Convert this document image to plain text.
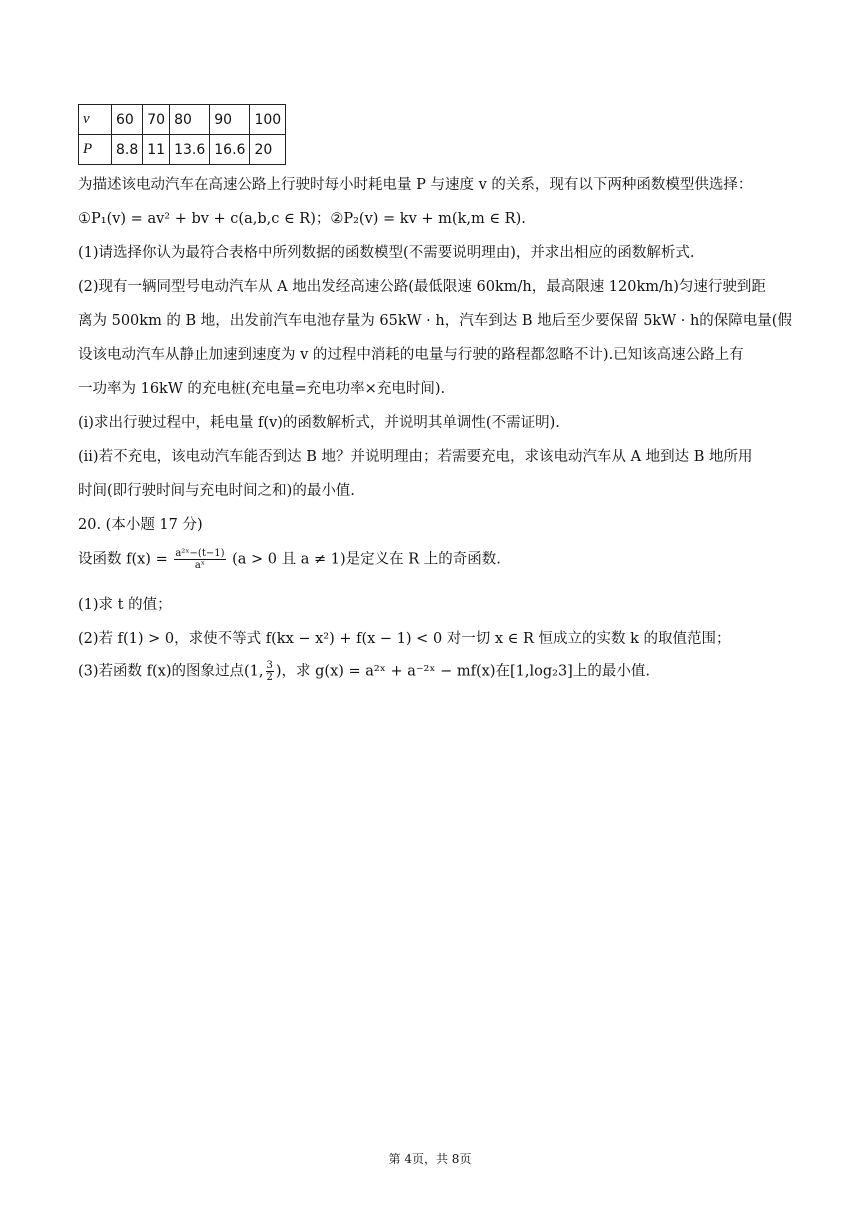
v	60	70	80	90	100
P	8.8	11	13.6	16.6	20
为描述该电动汽车在高速公路上行驶时每小时耗电量 P 与速度 v 的关系，现有以下两种函数模型供选择：
①P₁(v) = av² + bv + c(a,b,c ∈ R)；②P₂(v) = kv + m(k,m ∈ R).
(1)请选择你认为最符合表格中所列数据的函数模型(不需要说明理由)，并求出相应的函数解析式.
(2)现有一辆同型号电动汽车从 A 地出发经高速公路(最低限速 60km/h，最高限速 120km/h)匀速行驶到距
离为 500km 的 B 地，出发前汽车电池存量为 65kW · h，汽车到达 B 地后至少要保留 5kW · h的保障电量(假
设该电动汽车从静止加速到速度为 v 的过程中消耗的电量与行驶的路程都忽略不计).已知该高速公路上有
一功率为 16kW 的充电桩(充电量=充电功率×充电时间).
(i)求出行驶过程中，耗电量 f(v)的函数解析式，并说明其单调性(不需证明).
(ii)若不充电，该电动汽车能否到达 B 地？并说明理由；若需要充电，求该电动汽车从 A 地到达 B 地所用
时间(即行驶时间与充电时间之和)的最小值.
20. (本小题 17 分)
设函数 $f(x) = \frac{\text{a²ˣ−(t−1)}}{\text{aˣ}} (a > 0$ 且 a ≠ 1)是定义在 R 上的奇函数.
(1)求 t 的值；
(2)若 f(1) > 0，求使不等式 f(kx − x²) + f(x − 1) < 0 对一切 x ∈ R 恒成立的实数 k 的取值范围；
(3)若函数 f(x)的图象过点(1, $\frac{3}{2}$ )，求 g(x) = a²ˣ + a⁻²ˣ − mf(x)在[1,log₂3]上的最小值.
第 4页，共 8页
